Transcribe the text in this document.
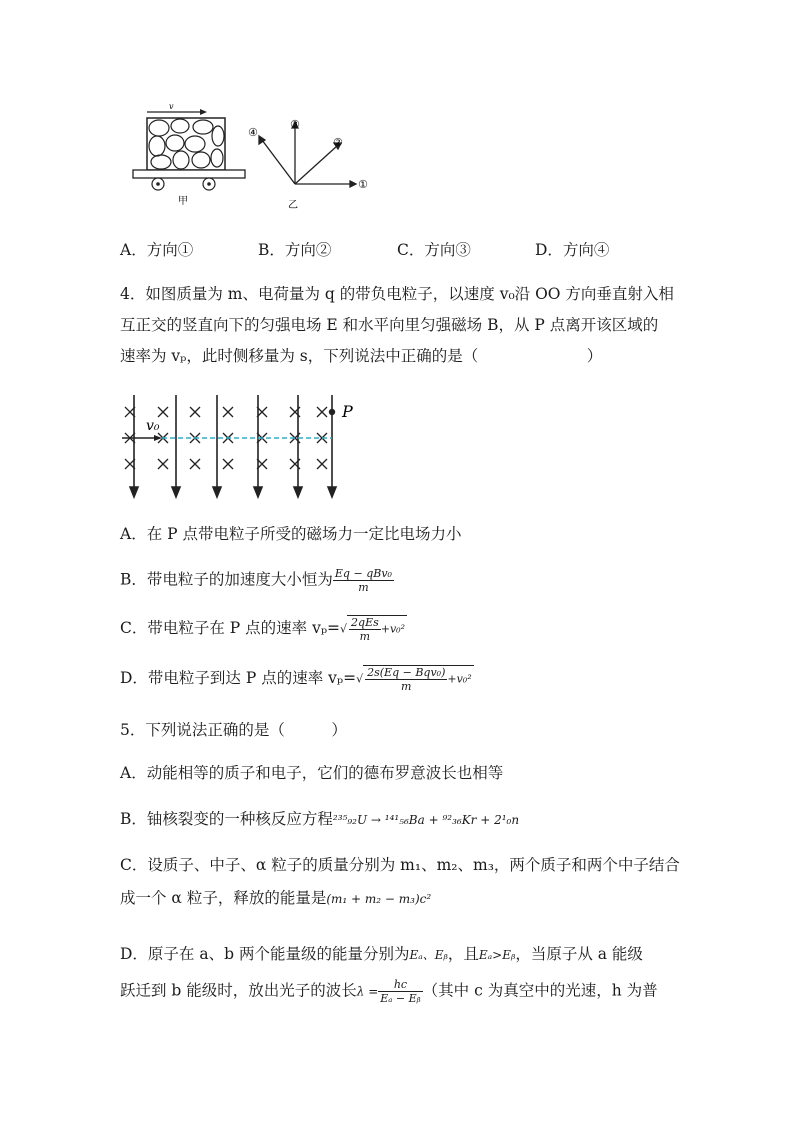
v
甲
①
②
③
④
乙
A．方向①	B．方向②	C．方向③	D．方向④
4．如图质量为 m、电荷量为 q 的带负电粒子，以速度 v₀沿 OO 方向垂直射入相
互正交的竖直向下的匀强电场 E 和水平向里匀强磁场 B，从 P 点离开该区域的
速率为 vₚ，此时侧移量为 s，下列说法中正确的是（　　　　　　　）
v₀
P
A．在 P 点带电粒子所受的磁场力一定比电场力小
B．带电粒子的加速度大小恒为 $\frac{\text{Eq − qBv₀}}{m}$
C．带电粒子在 P 点的速率 $v_p=√ \frac{\text{2qEs}}{m} +v_0^2$
D．带电粒子到达 P 点的速率 $v_p=√ \frac{\text{2s(Eq − Bqv₀)}}{m} +v_0^2$
5．下列说法正确的是（　　　）
A．动能相等的质子和电子，它们的德布罗意波长也相等
B．铀核裂变的一种核反应方程²³⁵₉₂U → ¹⁴¹₅₆Ba + ⁹²₃₆Kr + 2¹₀n
C．设质子、中子、α 粒子的质量分别为 m₁、m₂、m₃，两个质子和两个中子结合
成一个 α 粒子，释放的能量是(m₁ + m₂ − m₃)c²
D．原子在 a、b 两个能量级的能量分别为Eₐ、Eᵦ，且Eₐ>Eᵦ，当原子从 a 能级
跃迁到 b 能级时，放出光子的波长$\lambda = \frac{hc}{\text{Eₐ − Eᵦ}}$ （其中 c 为真空中的光速，h 为普
